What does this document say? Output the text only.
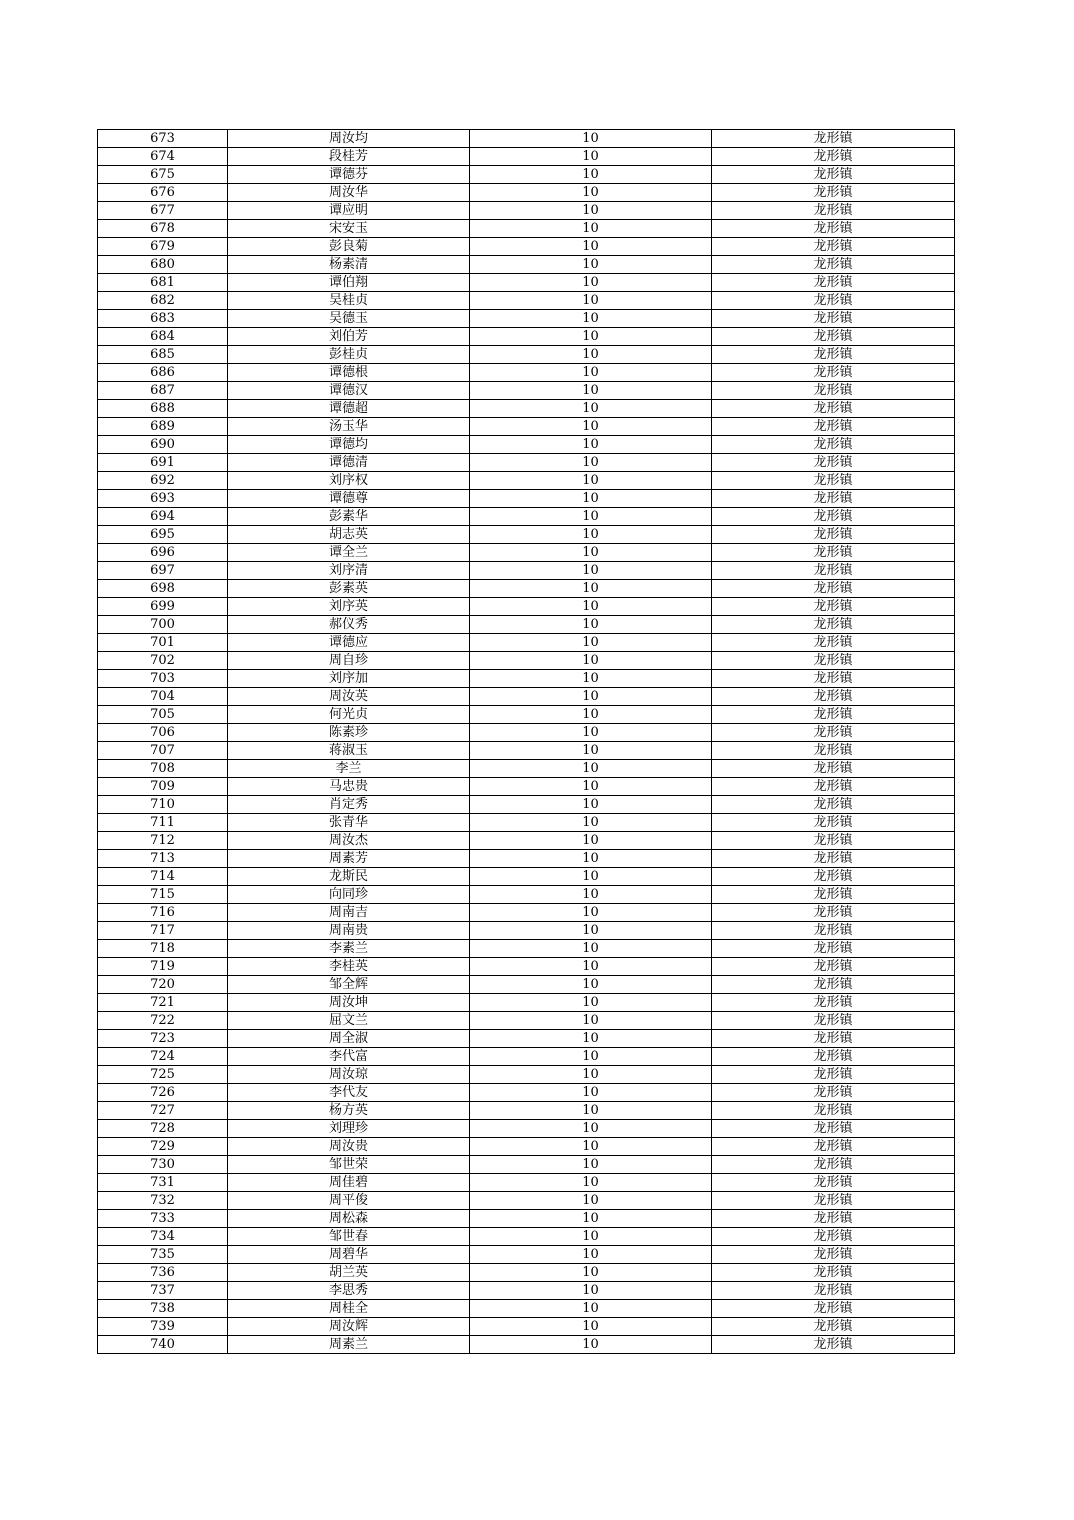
673	周汝均	10	龙形镇
674	段桂芳	10	龙形镇
675	谭德芬	10	龙形镇
676	周汝华	10	龙形镇
677	谭应明	10	龙形镇
678	宋安玉	10	龙形镇
679	彭良菊	10	龙形镇
680	杨素清	10	龙形镇
681	谭伯翔	10	龙形镇
682	吴桂贞	10	龙形镇
683	吴德玉	10	龙形镇
684	刘伯芳	10	龙形镇
685	彭桂贞	10	龙形镇
686	谭德根	10	龙形镇
687	谭德汉	10	龙形镇
688	谭德超	10	龙形镇
689	汤玉华	10	龙形镇
690	谭德均	10	龙形镇
691	谭德清	10	龙形镇
692	刘序权	10	龙形镇
693	谭德尊	10	龙形镇
694	彭素华	10	龙形镇
695	胡志英	10	龙形镇
696	谭全兰	10	龙形镇
697	刘序清	10	龙形镇
698	彭素英	10	龙形镇
699	刘序英	10	龙形镇
700	郝仪秀	10	龙形镇
701	谭德应	10	龙形镇
702	周自珍	10	龙形镇
703	刘序加	10	龙形镇
704	周汝英	10	龙形镇
705	何光贞	10	龙形镇
706	陈素珍	10	龙形镇
707	蒋淑玉	10	龙形镇
708	李兰	10	龙形镇
709	马忠贵	10	龙形镇
710	肖定秀	10	龙形镇
711	张青华	10	龙形镇
712	周汝杰	10	龙形镇
713	周素芳	10	龙形镇
714	龙斯民	10	龙形镇
715	向同珍	10	龙形镇
716	周南吉	10	龙形镇
717	周南贵	10	龙形镇
718	李素兰	10	龙形镇
719	李桂英	10	龙形镇
720	邹全辉	10	龙形镇
721	周汝坤	10	龙形镇
722	屈文兰	10	龙形镇
723	周全淑	10	龙形镇
724	李代富	10	龙形镇
725	周汝琼	10	龙形镇
726	李代友	10	龙形镇
727	杨方英	10	龙形镇
728	刘理珍	10	龙形镇
729	周汝贵	10	龙形镇
730	邹世荣	10	龙形镇
731	周佳碧	10	龙形镇
732	周平俊	10	龙形镇
733	周松森	10	龙形镇
734	邹世春	10	龙形镇
735	周碧华	10	龙形镇
736	胡兰英	10	龙形镇
737	李思秀	10	龙形镇
738	周桂全	10	龙形镇
739	周汝辉	10	龙形镇
740	周素兰	10	龙形镇
